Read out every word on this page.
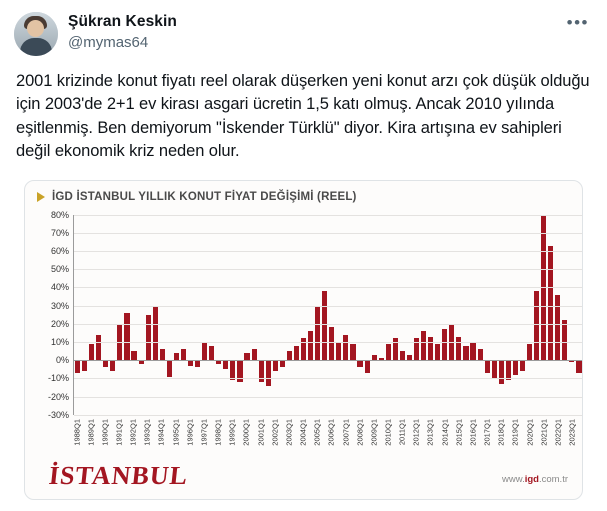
Şükran Keskin
@mymas64
•••
2001 krizinde konut fiyatı reel olarak düşerken yeni konut arzı çok düşük olduğu için 2003'de 2+1 ev kirası asgari ücretin 1,5 katı olmuş. Ancak 2010 yılında eşitlenmiş. Ben demiyorum "İskender Türklü" diyor. Kira artışına ev sahipleri değil ekonomik kriz neden olur.
İGD İSTANBUL YILLIK KONUT FİYAT DEĞİŞİMİ (REEL)
80%
70%
60%
50%
40%
30%
20%
10%
0%
-10%
-20%
-30%
1988Q1 1989Q1 1990Q1 1991Q1 1992Q1 1993Q1 1994Q1 1995Q1 1996Q1 1997Q1 1998Q1 1999Q1 2000Q1 2001Q1 2002Q1 2003Q1 2004Q1 2005Q1 2006Q1 2007Q1 2008Q1 2009Q1 2010Q1 2011Q1 2012Q1 2013Q1 2014Q1 2015Q1 2016Q1 2017Q1 2018Q1 2019Q1 2020Q1 2021Q1 2022Q1 2023Q1
İSTANBUL	www.igd.com.tr
